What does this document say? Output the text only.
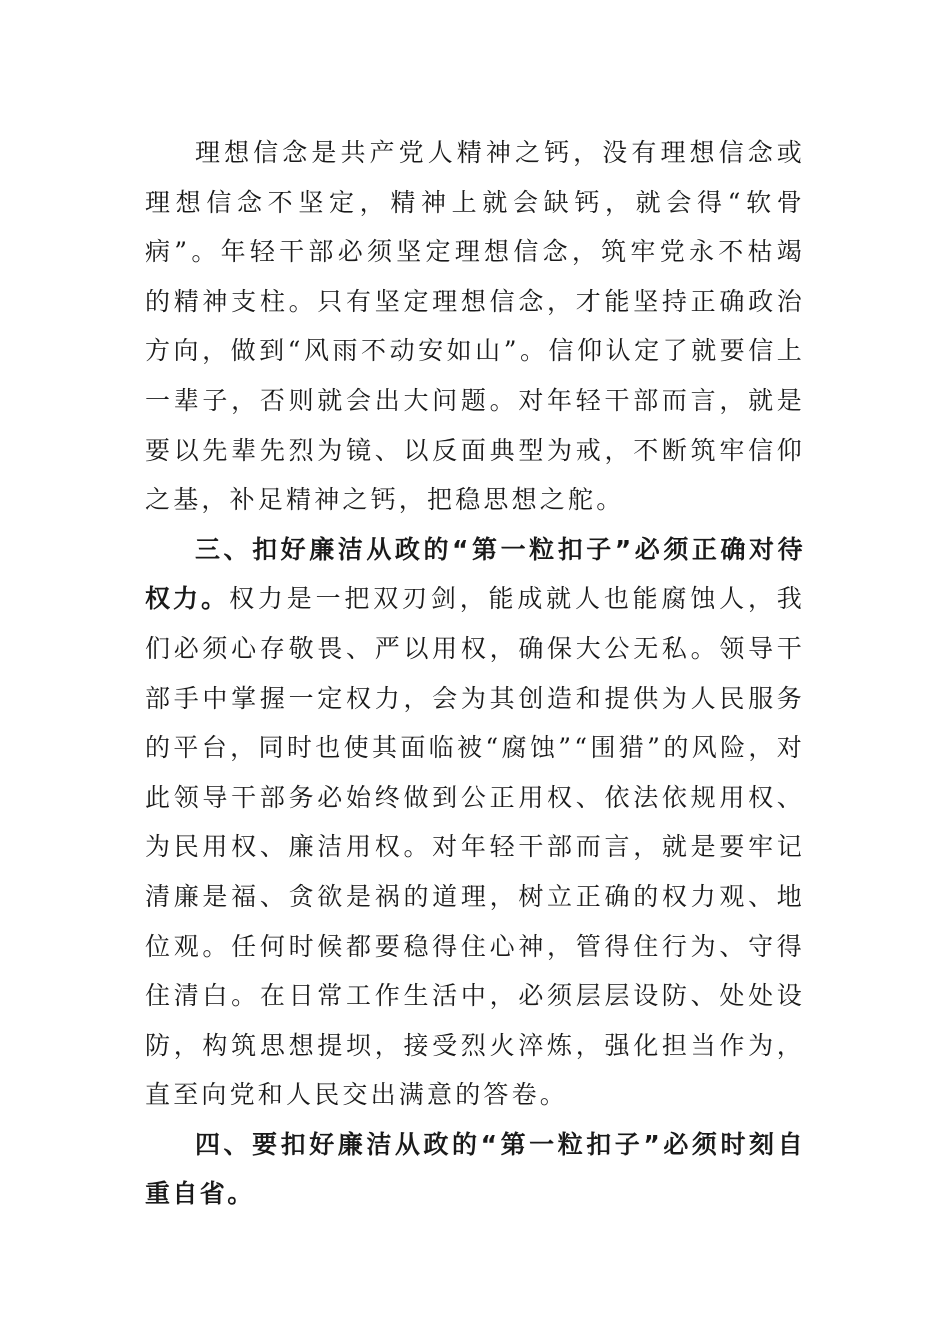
理想信念是共产党人精神之钙，没有理想信念或理想信念不坚定，精神上就会缺钙，就会得“软骨病”。年轻干部必须坚定理想信念，筑牢党永不枯竭的精神支柱。只有坚定理想信念，才能坚持正确政治方向，做到“风雨不动安如山”。信仰认定了就要信上一辈子，否则就会出大问题。对年轻干部而言，就是要以先辈先烈为镜、以反面典型为戒，不断筑牢信仰之基，补足精神之钙，把稳思想之舵。

三、扣好廉洁从政的“第一粒扣子”必须正确对待权力。权力是一把双刃剑，能成就人也能腐蚀人，我们必须心存敬畏、严以用权，确保大公无私。领导干部手中掌握一定权力，会为其创造和提供为人民服务的平台，同时也使其面临被“腐蚀”“围猎”的风险，对此领导干部务必始终做到公正用权、依法依规用权、为民用权、廉洁用权。对年轻干部而言，就是要牢记清廉是福、贪欲是祸的道理，树立正确的权力观、地位观。任何时候都要稳得住心神，管得住行为、守得住清白。在日常工作生活中，必须层层设防、处处设防，构筑思想提坝，接受烈火淬炼，强化担当作为，直至向党和人民交出满意的答卷。

四、要扣好廉洁从政的“第一粒扣子”必须时刻自重自省。
